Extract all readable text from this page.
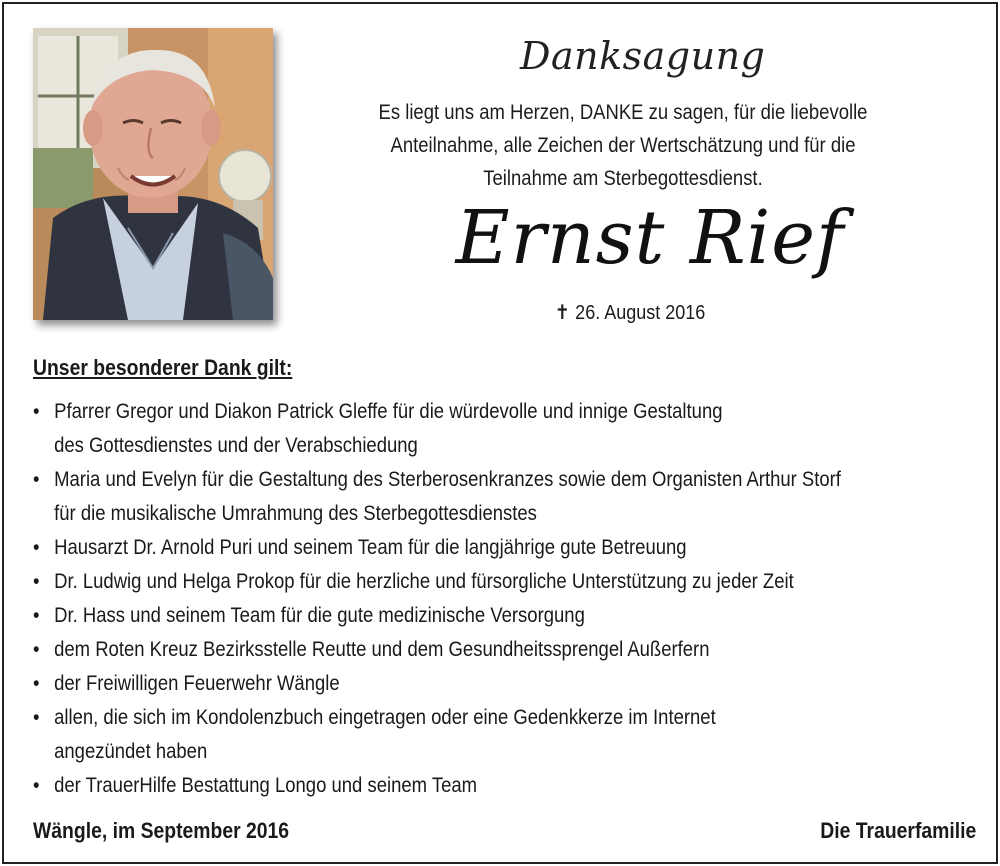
Danksagung
Es liegt uns am Herzen, DANKE zu sagen, für die liebevolle
Anteilnahme, alle Zeichen der Wertschätzung und für die
Teilnahme am Sterbegottesdienst.
Ernst Rief
✝ 26. August 2016
Unser besonderer Dank gilt:
• Pfarrer Gregor und Diakon Patrick Gleffe für die würdevolle und innige Gestaltung
des Gottesdienstes und der Verabschiedung
• Maria und Evelyn für die Gestaltung des Sterberosenkranzes sowie dem Organisten Arthur Storf
für die musikalische Umrahmung des Sterbegottesdienstes
• Hausarzt Dr. Arnold Puri und seinem Team für die langjährige gute Betreuung
• Dr. Ludwig und Helga Prokop für die herzliche und fürsorgliche Unterstützung zu jeder Zeit
• Dr. Hass und seinem Team für die gute medizinische Versorgung
• dem Roten Kreuz Bezirksstelle Reutte und dem Gesundheitssprengel Außerfern
• der Freiwilligen Feuerwehr Wängle
• allen, die sich im Kondolenzbuch eingetragen oder eine Gedenkkerze im Internet
angezündet haben
• der TrauerHilfe Bestattung Longo und seinem Team
Wängle, im September 2016	Die Trauerfamilie
